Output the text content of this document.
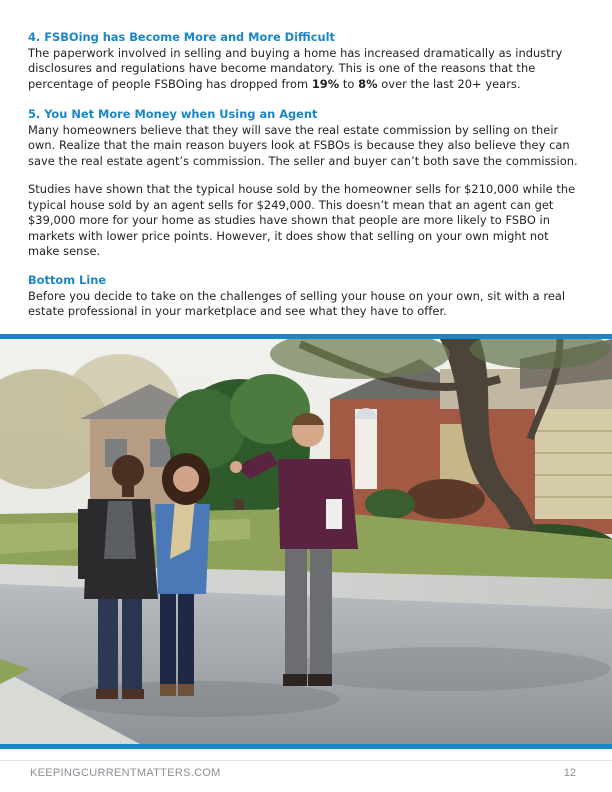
4. FSBOing has Become More and More Difficult

The paperwork involved in selling and buying a home has increased dramatically as industry
disclosures and regulations have become mandatory. This is one of the reasons that the
percentage of people FSBOing has dropped from 19% to 8% over the last 20+ years.

5. You Net More Money when Using an Agent

Many homeowners believe that they will save the real estate commission by selling on their
own. Realize that the main reason buyers look at FSBOs is because they also believe they can
save the real estate agent’s commission. The seller and buyer can’t both save the commission.

Studies have shown that the typical house sold by the homeowner sells for $210,000 while the
typical house sold by an agent sells for $249,000. This doesn’t mean that an agent can get
$39,000 more for your home as studies have shown that people are more likely to FSBO in
markets with lower price points. However, it does show that selling on your own might not
make sense.

Bottom Line

Before you decide to take on the challenges of selling your house on your own, sit with a real
estate professional in your marketplace and see what they have to offer.

KEEPINGCURRENTMATTERS.COM	12
